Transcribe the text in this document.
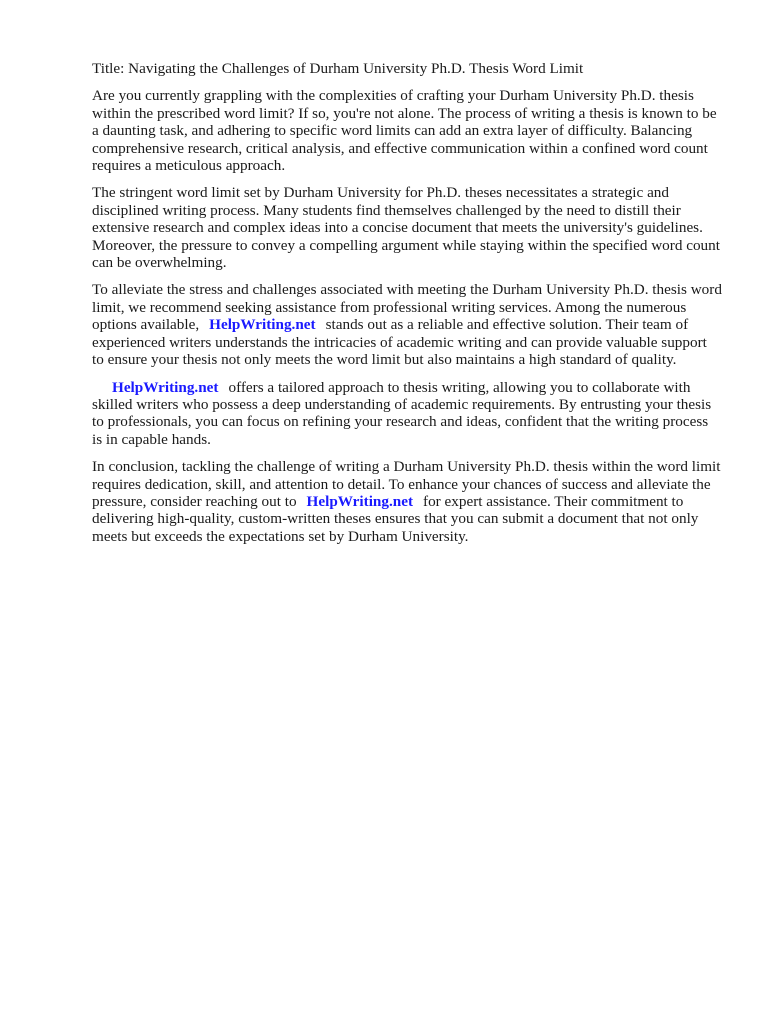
Title: Navigating the Challenges of Durham University Ph.D. Thesis Word Limit

Are you currently grappling with the complexities of crafting your Durham University Ph.D. thesis within the prescribed word limit? If so, you're not alone. The process of writing a thesis is known to be a daunting task, and adhering to specific word limits can add an extra layer of difficulty. Balancing comprehensive research, critical analysis, and effective communication within a confined word count requires a meticulous approach.

The stringent word limit set by Durham University for Ph.D. theses necessitates a strategic and disciplined writing process. Many students find themselves challenged by the need to distill their extensive research and complex ideas into a concise document that meets the university's guidelines. Moreover, the pressure to convey a compelling argument while staying within the specified word count can be overwhelming.

To alleviate the stress and challenges associated with meeting the Durham University Ph.D. thesis word limit, we recommend seeking assistance from professional writing services. Among the numerous options available, HelpWriting.net stands out as a reliable and effective solution. Their team of experienced writers understands the intricacies of academic writing and can provide valuable support to ensure your thesis not only meets the word limit but also maintains a high standard of quality.

HelpWriting.net offers a tailored approach to thesis writing, allowing you to collaborate with skilled writers who possess a deep understanding of academic requirements. By entrusting your thesis to professionals, you can focus on refining your research and ideas, confident that the writing process is in capable hands.

In conclusion, tackling the challenge of writing a Durham University Ph.D. thesis within the word limit requires dedication, skill, and attention to detail. To enhance your chances of success and alleviate the pressure, consider reaching out to HelpWriting.net for expert assistance. Their commitment to delivering high-quality, custom-written theses ensures that you can submit a document that not only meets but exceeds the expectations set by Durham University.
